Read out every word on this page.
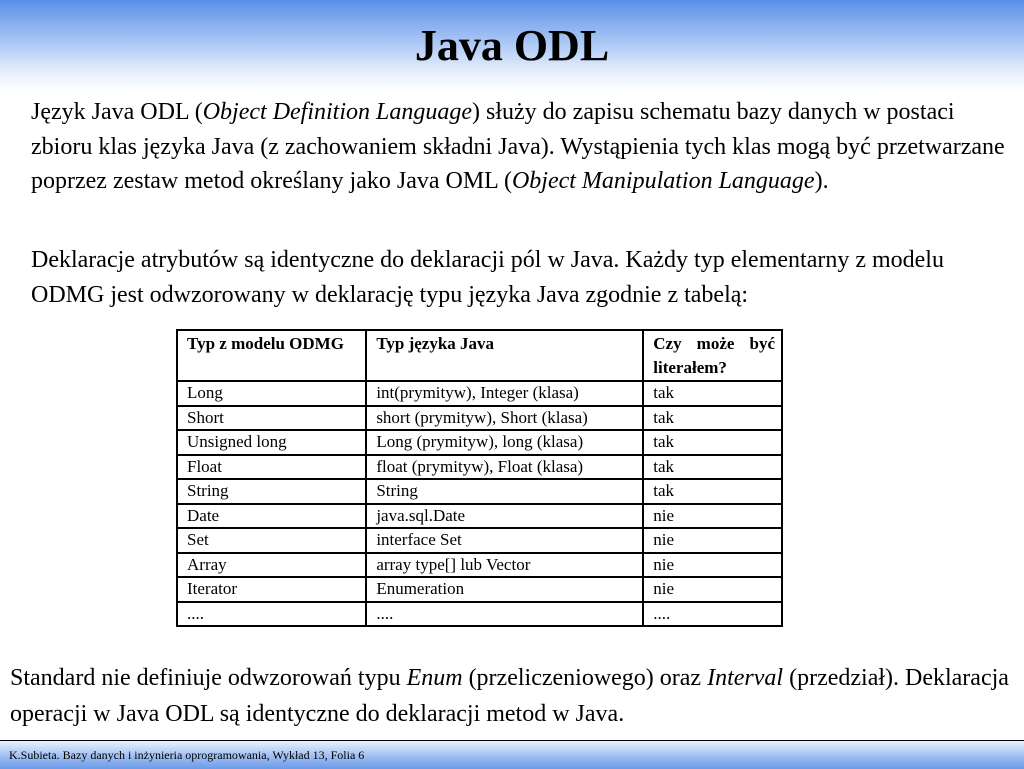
Java ODL

Język Java ODL (Object Definition Language) służy do zapisu schematu bazy danych w postaci zbioru klas języka Java (z zachowaniem składni Java). Wystąpienia tych klas mogą być przetwarzane poprzez zestaw metod określany jako Java OML (Object Manipulation Language).

Deklaracje atrybutów są identyczne do deklaracji pól w Java. Każdy typ elementarny z modelu ODMG jest odwzorowany w deklarację typu języka Java zgodnie z tabelą:

Typ z modelu ODMG	Typ języka Java	Czy może być literałem?
Long	int(prymityw), Integer (klasa)	tak
Short	short (prymityw), Short (klasa)	tak
Unsigned long	Long (prymityw), long (klasa)	tak
Float	float (prymityw), Float (klasa)	tak
String	String	tak
Date	java.sql.Date	nie
Set	interface Set	nie
Array	array type[] lub Vector	nie
Iterator	Enumeration	nie
....	....	....

Standard nie definiuje odwzorowań typu Enum (przeliczeniowego) oraz Interval (przedział). Deklaracja operacji w Java ODL są identyczne do deklaracji metod w Java.

K.Subieta. Bazy danych i inżynieria oprogramowania, Wykład 13, Folia 6
